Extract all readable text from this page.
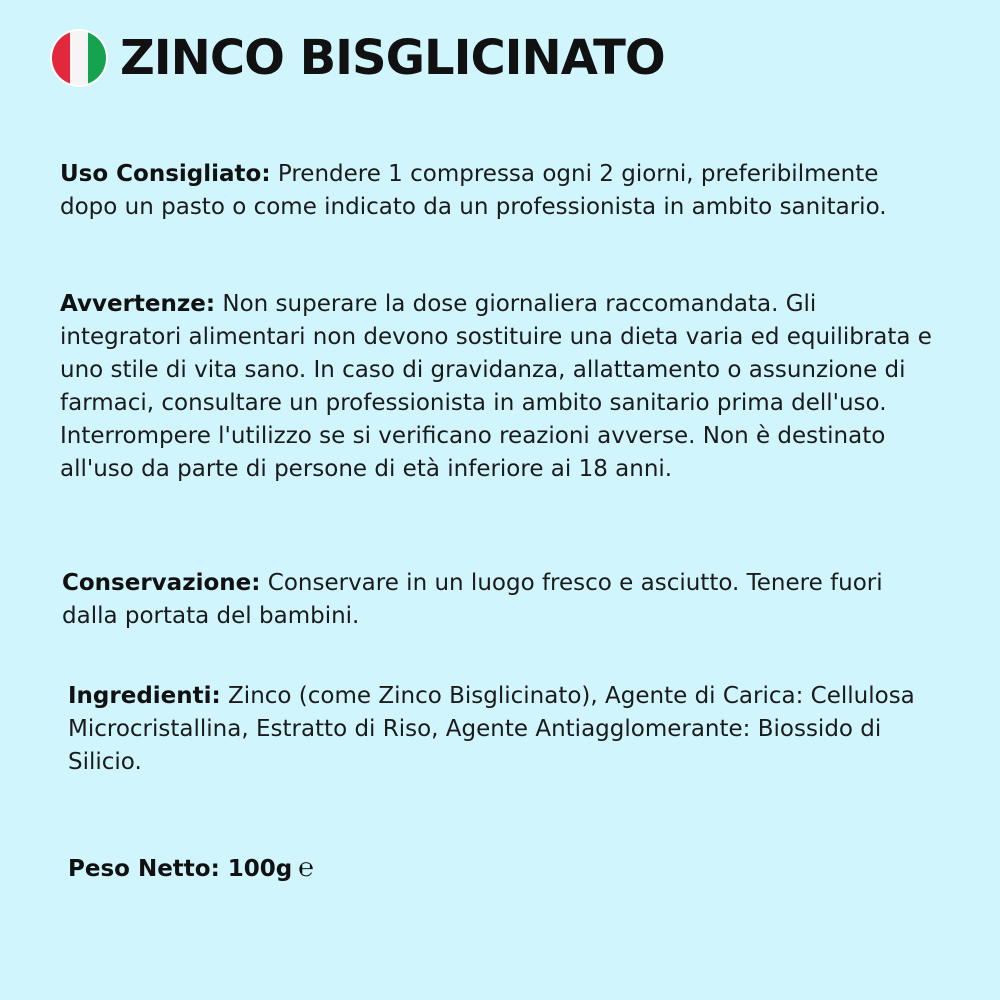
ZINCO BISGLICINATO

Uso Consigliato: Prendere 1 compressa ogni 2 giorni, preferibilmente dopo un pasto o come indicato da un professionista in ambito sanitario.

Avvertenze: Non superare la dose giornaliera raccomandata. Gli integratori alimentari non devono sostituire una dieta varia ed equilibrata e uno stile di vita sano. In caso di gravidanza, allattamento o assunzione di farmaci, consultare un professionista in ambito sanitario prima dell'uso. Interrompere l'utilizzo se si verificano reazioni avverse. Non è destinato all'uso da parte di persone di età inferiore ai 18 anni.

Conservazione: Conservare in un luogo fresco e asciutto. Tenere fuori dalla portata del bambini.

Ingredienti: Zinco (come Zinco Bisglicinato), Agente di Carica: Cellulosa Microcristallina, Estratto di Riso, Agente Antiagglomerante: Biossido di Silicio.

Peso Netto: 100g ℮
